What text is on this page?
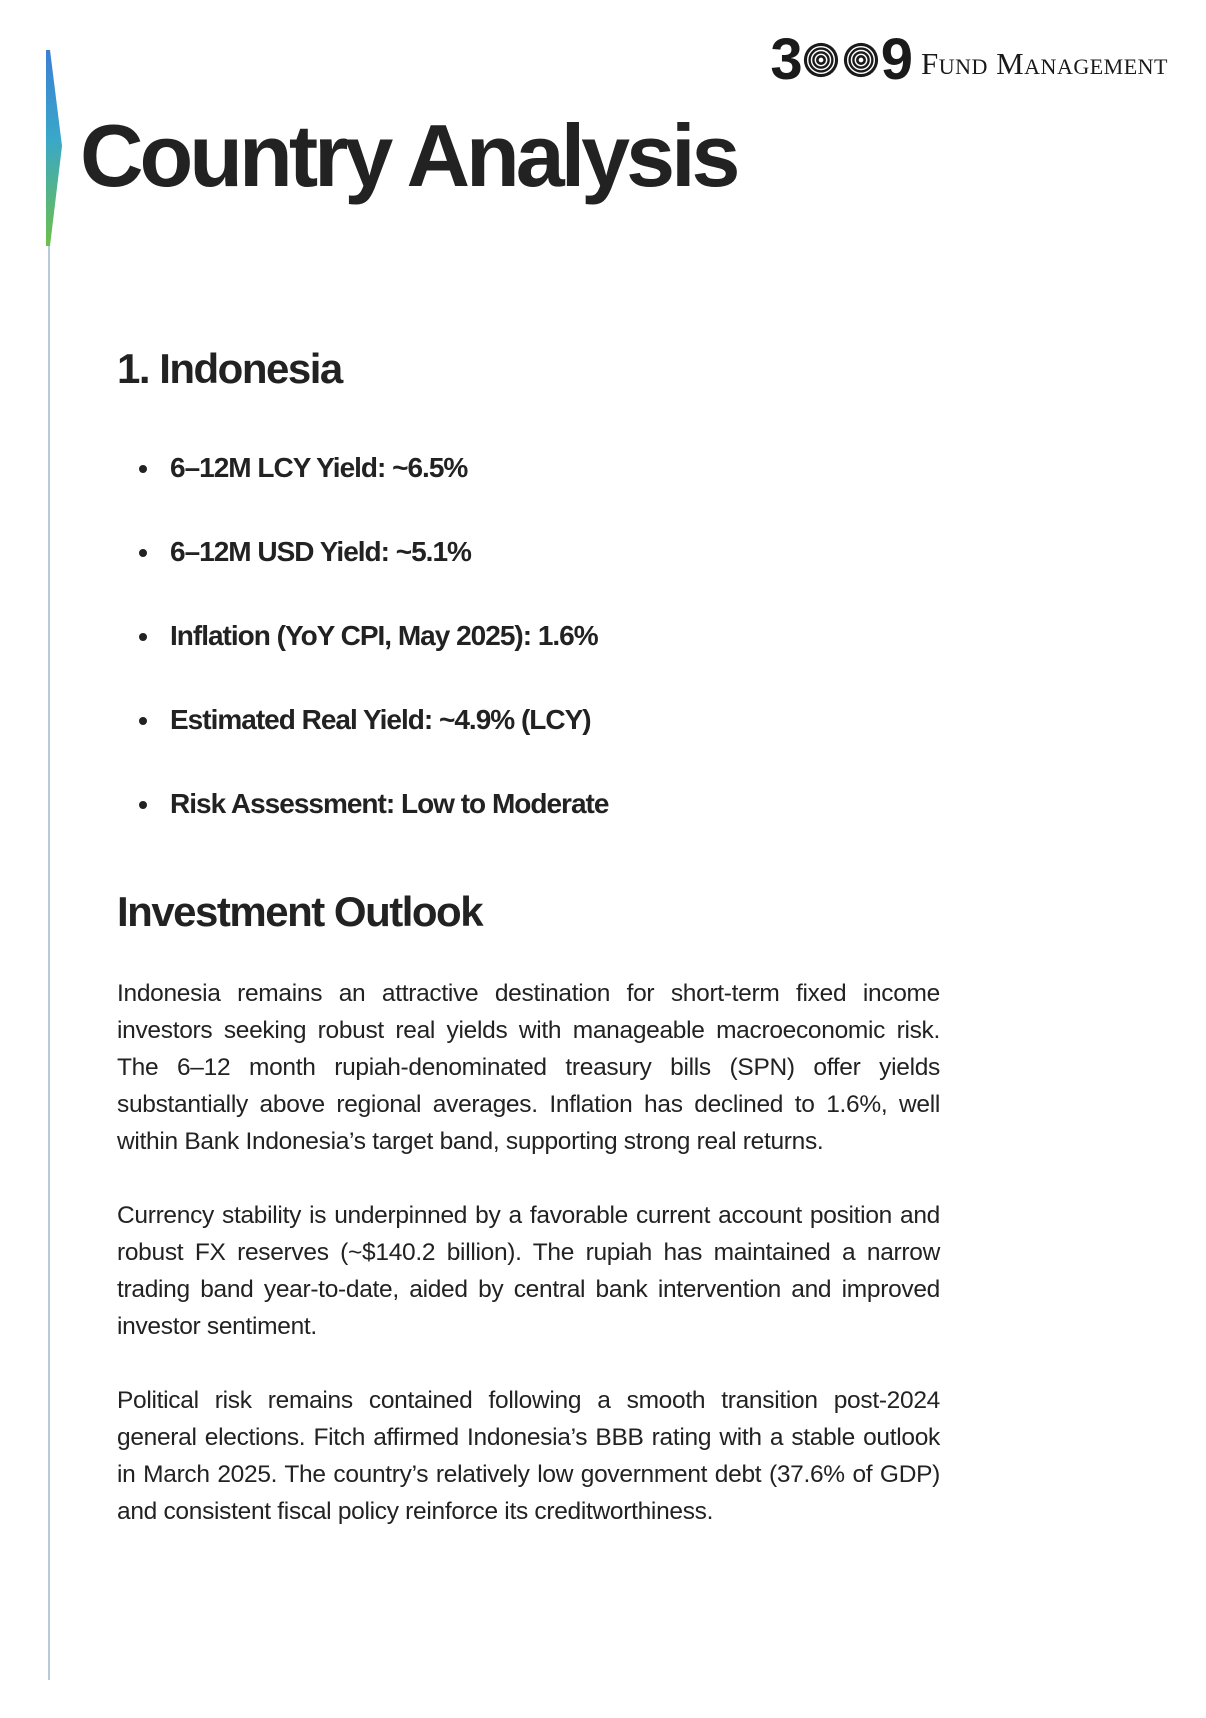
3 9 Fund Management
Country Analysis
1. Indonesia
6–12M LCY Yield: ~6.5%
6–12M USD Yield: ~5.1%
Inflation (YoY CPI, May 2025): 1.6%
Estimated Real Yield: ~4.9% (LCY)
Risk Assessment: Low to Moderate
Investment Outlook

Indonesia remains an attractive destination for short-term fixed income investors seeking robust real yields with manageable macroeconomic risk. The 6–12 month rupiah-denominated treasury bills (SPN) offer yields substantially above regional averages. Inflation has declined to 1.6%, well within Bank Indonesia’s target band, supporting strong real returns.

Currency stability is underpinned by a favorable current account position and robust FX reserves (~$140.2 billion). The rupiah has maintained a narrow trading band year-to-date, aided by central bank intervention and improved investor sentiment.

Political risk remains contained following a smooth transition post-2024 general elections. Fitch affirmed Indonesia’s BBB rating with a stable outlook in March 2025. The country’s relatively low government debt (37.6% of GDP) and consistent fiscal policy reinforce its creditworthiness.
